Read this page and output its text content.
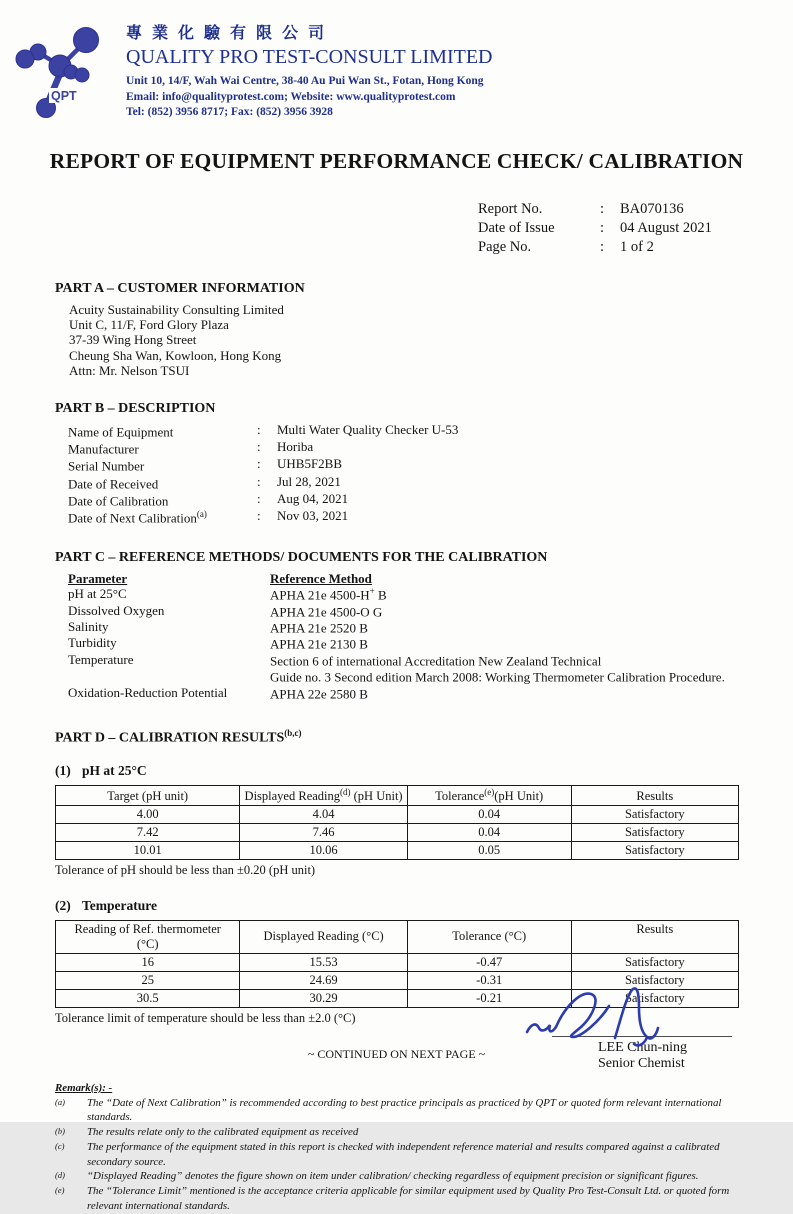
QPT
專業化驗有限公司
QUALITY PRO TEST-CONSULT LIMITED
Unit 10, 14/F, Wah Wai Centre, 38-40 Au Pui Wan St., Fotan, Hong Kong
Email: info@qualityprotest.com; Website: www.qualityprotest.com
Tel: (852) 3956 8717; Fax: (852) 3956 3928
REPORT OF EQUIPMENT PERFORMANCE CHECK/ CALIBRATION
Report No.	:	BA070136
Date of Issue	:	04 August 2021
Page No.	:	1 of 2
PART A – CUSTOMER INFORMATION
Acuity Sustainability Consulting Limited
Unit C, 11/F, Ford Glory Plaza
37-39 Wing Hong Street
Cheung Sha Wan, Kowloon, Hong Kong
Attn: Mr. Nelson TSUI
PART B – DESCRIPTION
Name of Equipment	:	Multi Water Quality Checker U-53
Manufacturer	:	Horiba
Serial Number	:	UHB5F2BB
Date of Received	:	Jul 28, 2021
Date of Calibration	:	Aug 04, 2021
Date of Next Calibration$^{(a)}$	:	Nov 03, 2021
PART C – REFERENCE METHODS/ DOCUMENTS FOR THE CALIBRATION
Parameter	Reference Method
pH at 25°C	APHA 21e 4500-H+ B
Dissolved Oxygen	APHA 21e 4500-O G
Salinity	APHA 21e 2520 B
Turbidity	APHA 21e 2130 B
Temperature	Section 6 of international Accreditation New Zealand Technical
Guide no. 3 Second edition March 2008: Working Thermometer Calibration Procedure.
Oxidation-Reduction Potential	APHA 22e 2580 B
PART D – CALIBRATION RESULTS$^{(b,c)}$
(1) pH at 25°C
Target (pH unit)	Displayed Reading$^{(d)}$ (pH Unit)	Tolerance$^{(e)}$(pH Unit)	Results
4.00	4.04	0.04	Satisfactory
7.42	7.46	0.04	Satisfactory
10.01	10.06	0.05	Satisfactory
Tolerance of pH should be less than ±0.20 (pH unit)
(2) Temperature
Reading of Ref. thermometer
(°C)	Displayed Reading (°C)	Tolerance (°C)	Results
16	15.53	-0.47	Satisfactory
25	24.69	-0.31	Satisfactory
30.5	30.29	-0.21	Satisfactory
Tolerance limit of temperature should be less than ±2.0 (°C)
~ CONTINUED ON NEXT PAGE ~
Remark(s): -
(a)	The “Date of Next Calibration” is recommended according to best practice principals as practiced by QPT or quoted form relevant international standards.
(b)	The results relate only to the calibrated equipment as received
(c)	The performance of the equipment stated in this report is checked with independent reference material and results compared against a calibrated secondary source.
(d)	“Displayed Reading” denotes the figure shown on item under calibration/ checking regardless of equipment precision or significant figures.
(e)	The “Tolerance Limit” mentioned is the acceptance criteria applicable for similar equipment used by Quality Pro Test-Consult Ltd. or quoted form relevant international standards.
LEE Chun-ning
Senior Chemist
